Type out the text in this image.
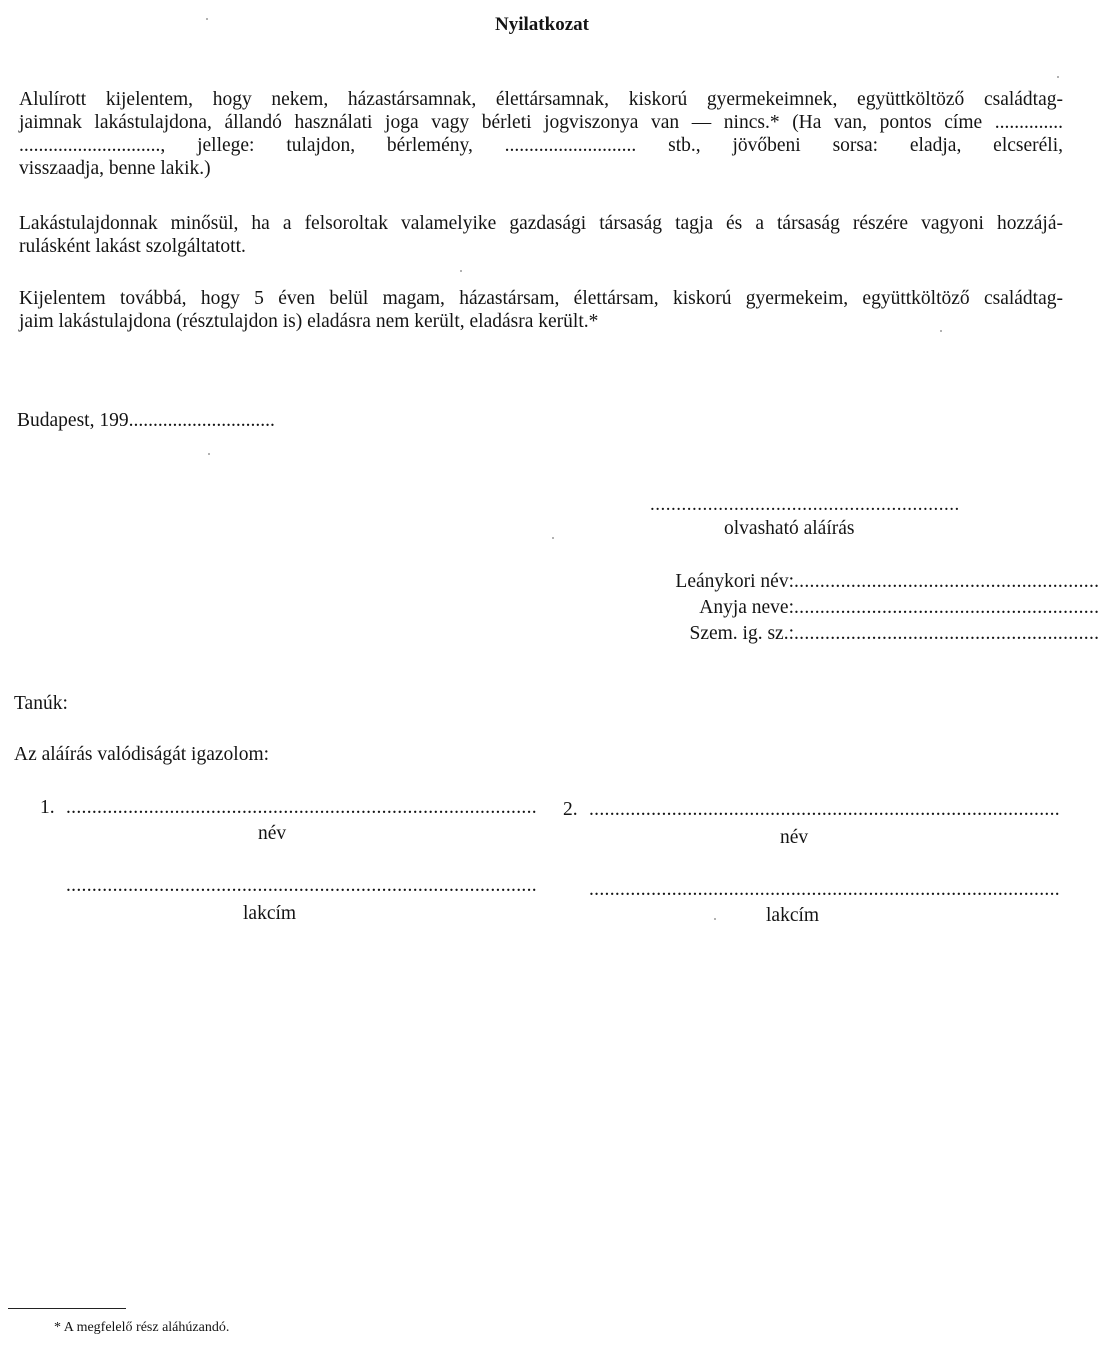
Nyilatkozat
Alulírott kijelentem, hogy nekem, házastársamnak, élettársamnak, kiskorú gyermekeimnek, együttköltöző családtag-
jaimnak lakástulajdona, állandó használati joga vagy bérleti jogviszonya van — nincs.* (Ha van, pontos címe ..............
............................., jellege: tulajdon, bérlemény, ........................... stb., jövőbeni sorsa: eladja, elcseréli,
visszaadja, benne lakik.)
Lakástulajdonnak minősül, ha a felsoroltak valamelyike gazdasági társaság tagja és a társaság részére vagyoni hozzájá-
rulásként lakást szolgáltatott.
Kijelentem továbbá, hogy 5 éven belül magam, házastársam, élettársam, kiskorú gyermekeim, együttköltöző családtag-
jaim lakástulajdona (résztulajdon is) eladásra nem került, eladásra került.*
Budapest, 199..............................
...........................................................
olvasható aláírás
Leánykori név: ...........................................................
Anyja neve: ...........................................................
Szem. ig. sz.: ...........................................................
Tanúk:
Az aláírás valódiságát igazolom:
1. ...........................................................................................
név
...........................................................................................
lakcím
2. ...........................................................................................
név
...........................................................................................
lakcím
* A megfelelő rész aláhúzandó.
